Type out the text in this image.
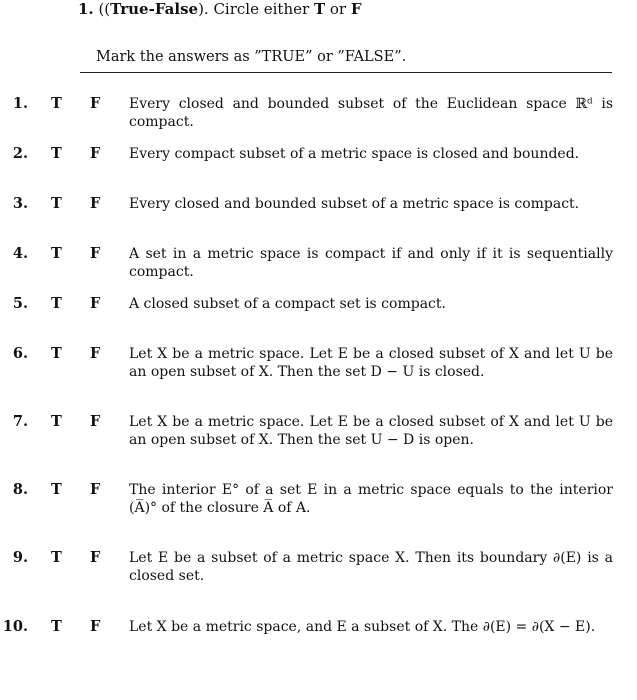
1. ((True-False). Circle either T or F
Mark the answers as ”TRUE” or ”FALSE”.
1. T F Every closed and bounded subset of the Euclidean space ℝᵈ is compact.
2. T F Every compact subset of a metric space is closed and bounded.
3. T F Every closed and bounded subset of a metric space is compact.
4. T F A set in a metric space is compact if and only if it is sequentially compact.
5. T F A closed subset of a compact set is compact.
6. T F Let X be a metric space. Let E be a closed subset of X and let U be an open subset of X. Then the set D − U is closed.
7. T F Let X be a metric space. Let E be a closed subset of X and let U be an open subset of X. Then the set U − D is open.
8. T F The interior E° of a set E in a metric space equals to the interior (A̅)° of the closure A̅ of A.
9. T F Let E be a subset of a metric space X. Then its boundary ∂(E) is a closed set.
10. T F Let X be a metric space, and E a subset of X. The ∂(E) = ∂(X − E).
